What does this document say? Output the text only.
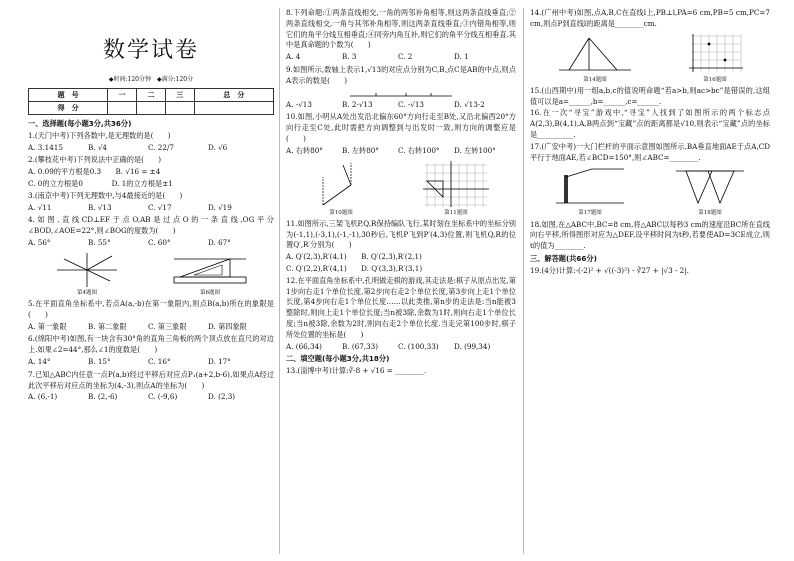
数学试卷
◆时间:120分钟　◆满分:120分
题　号	一	二	三	总　分
得　分				
一、选择题(每小题3分,共36分)
1.(天门中考)下列各数中,是无理数的是(　　)
A. 3.1415	B. √4	C. 22/7	D. √6
2.(攀枝花中考)下列说法中正确的是(　　)
A. 0.09的平方根是0.3　　B. √16 = ±4
C. 0的立方根是0　　　　D. 1的立方根是±1
3.(南京中考)下列无理数中,与4最接近的是(　　)
A. √11	B. √13	C. √17	D. √19
4.如图,直线CD⊥EF于点O,AB是过点O的一条直线,OG平分∠BOD,∠AOE=22°,则∠BOG的度数为(　　)
A. 56°	B. 55°	C. 60°	D. 67°
第4题图	第6题图
5.在平面直角坐标系中,若点A(a,-b)在第一象限内,则点B(a,b)所在的象限是(　　)
A. 第一象限	B. 第二象限	C. 第三象限	D. 第四象限
6.(绵阳中考)如图,有一块含有30°角的直角三角板的两个顶点放在直尺的对边上.如果∠2=44°,那么∠1的度数是(　　)
A. 14°	B. 15°	C. 16°	D. 17°
7.已知△ABC内任意一点P(a,b)经过平移后对应点P₁(a+2,b-6),如果点A经过此次平移后对应点的坐标为(4,-3),则点A的坐标为(　　)
A. (6,-1)	B. (2,-6)	C. (-9,6)	D. (2,3)
8.下列命题:①两条直线相交,一角的两邻补角相等,则这两条直线垂直;②两条直线相交,一角与其邻补角相等,则这两条直线垂直;③内错角相等,则它们的角平分线互相垂直;④同旁内角互补,则它们的角平分线互相垂直.其中是真命题的个数为(　　)
A. 4	B. 3	C. 2	D. 1
9.如图所示,数轴上表示1,√13的对应点分别为C,B,点C是AB的中点,则点A表示的数是(　　)
A. -√13	B. 2-√13	C. -√13	D. √13-2
10.如图,小明从A处出发沿北偏东60°方向行走至B处,又沿北偏西20°方向行走至C处,此时需把方向调整到与出发时一致,则方向的调整应是(　　)
A. 右转80°	B. 左转80°	C. 右转100°	D. 左转100°
第10题图	第11题图
11.如图所示,三架飞机P,Q,R保持编队飞行,某时刻在坐标系中的坐标分别为(-1,1),(-3,1),(-1,-1),30秒后,飞机P飞到P′(4,3)位置,则飞机Q,R的位置Q′,R′分别为(　　)
A. Q′(2,3),R′(4,1)　　B. Q′(2,3),R′(2,1)
C. Q′(2,2),R′(4,1)　　D. Q′(3,3),R′(3,1)
12.在平面直角坐标系中,孔明做走棋的游戏,其走法是:棋子从原点出发,第1步向右走1个单位长度,第2步向右走2个单位长度,第3步向上走1个单位长度,第4步向右走1个单位长度……以此类推,第n步的走法是:当n能被3整除时,则向上走1个单位长度;当n被3除,余数为1时,则向右走1个单位长度;当n被3除,余数为2时,则向右走2个单位长度.当走完第100步时,棋子所处位置的坐标是(　　)
A. (66,34)	B. (67,33)	C. (100,33)	D. (99,34)
二、填空题(每小题3分,共18分)
13.(淄博中考)计算:∛-8 + √16 = ________.
14.(广州中考)如图,点A,B,C在直线l上,PB⊥l,PA=6 cm,PB=5 cm,PC=7 cm,则点P到直线l的距离是________cm.
第14题图	第16题图
15.(山西期中)用一组a,b,c的值说明命题“若a>b,则ac>bc”是错误的,这组值可以是a=______,b=______,c=______.
16.在一次“寻宝”游戏中,“寻宝”人找到了如图所示的两个标志点A(2,3),B(4,1),A,B两点到“宝藏”点的距离都是√10,则表示“宝藏”点的坐标是__________.
17.(广安中考)一大门栏杆的平面示意图如图所示,BA垂直地面AE于点A,CD平行于地面AE,若∠BCD=150°,则∠ABC=________.
第17题图	第18题图
18.如图,在△ABC中,BC=8 cm,将△ABC以每秒3 cm的速度沿BC所在直线向右平移,所得图形对应为△DEF,设平移时间为t秒,若要使AD=3CE成立,则t的值为________.
三、解答题(共66分)
19.(4分)计算:-(-2)² + √((-3)²) - ∛27 + |√3 - 2|.
